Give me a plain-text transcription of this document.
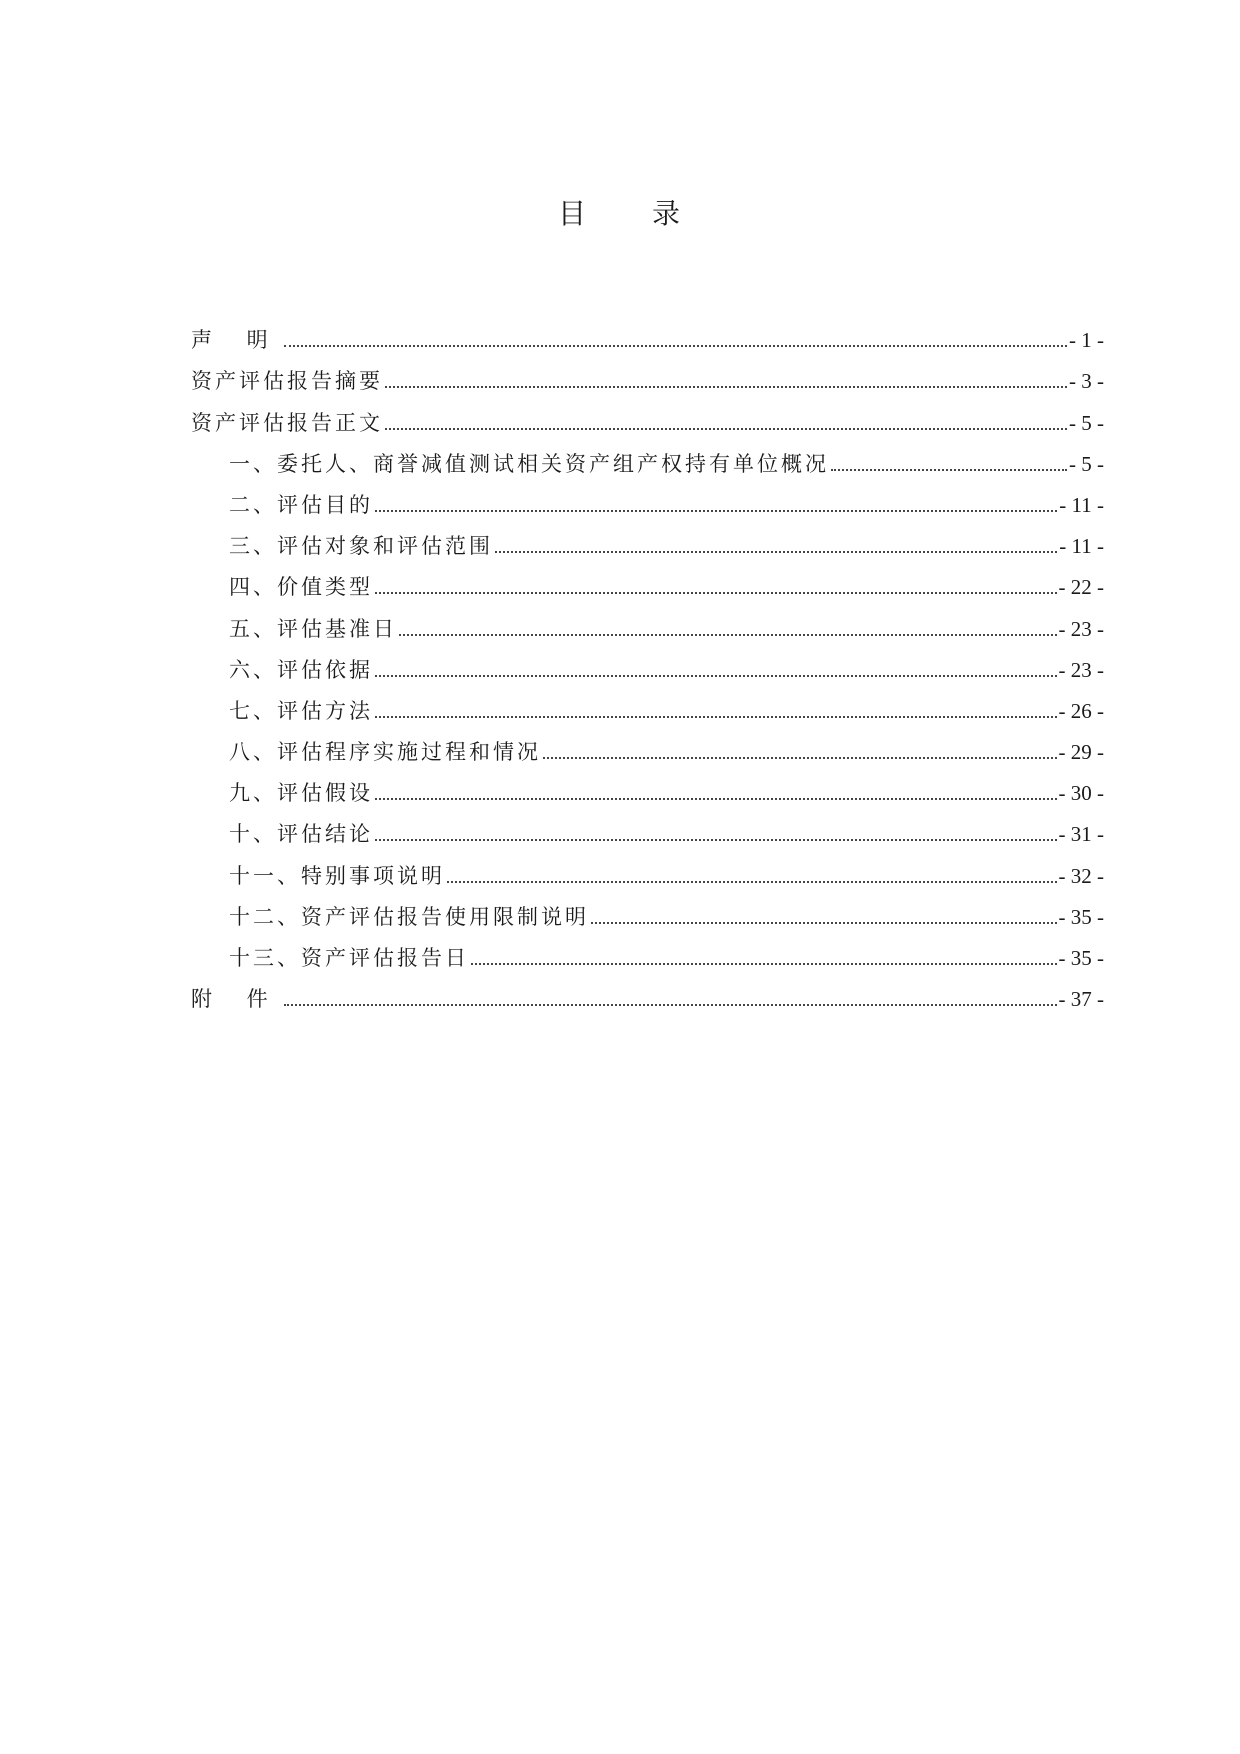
目 录
声 明	- 1 -
资产评估报告摘要	- 3 -
资产评估报告正文	- 5 -
一、委托人、商誉减值测试相关资产组产权持有单位概况	- 5 -
二、评估目的	- 11 -
三、评估对象和评估范围	- 11 -
四、价值类型	- 22 -
五、评估基准日	- 23 -
六、评估依据	- 23 -
七、评估方法	- 26 -
八、评估程序实施过程和情况	- 29 -
九、评估假设	- 30 -
十、评估结论	- 31 -
十一、特别事项说明	- 32 -
十二、资产评估报告使用限制说明	- 35 -
十三、资产评估报告日	- 35 -
附 件	- 37 -
